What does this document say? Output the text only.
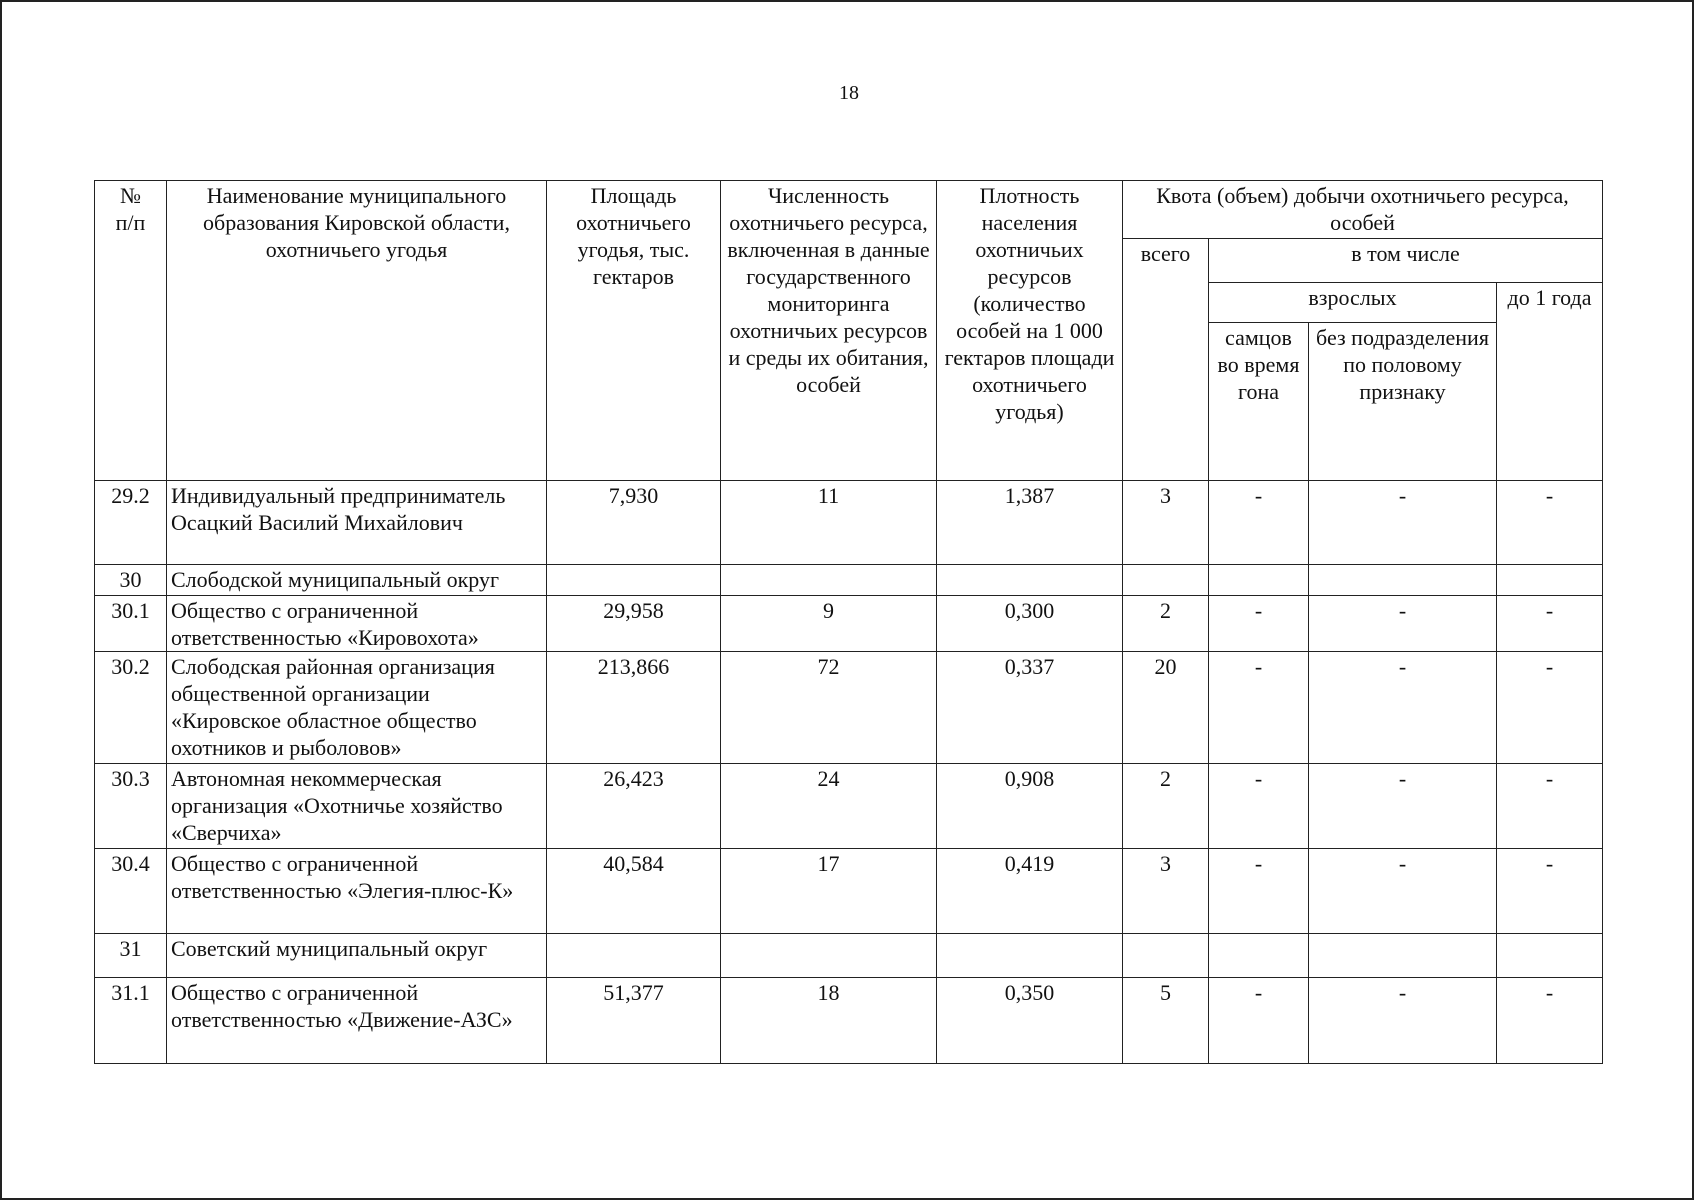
18
№
п/п	Наименование муниципального образования Кировской области, охотничьего угодья	Площадь охотничьего угодья, тыс. гектаров	Численность охотничьего ресурса, включенная в данные государственного мониторинга охотничьих ресурсов и среды их обитания, особей	Плотность населения охотничьих ресурсов (количество особей на 1 000 гектаров площади охотничьего угодья)	Квота (объем) добычи охотничьего ресурса, особей			
					всего	в том числе		
						взрослых		до 1 года
						самцов во время гона	без подразделения по половому признаку	
29.2	Индивидуальный предприниматель Осацкий Василий Михайлович	7,930	11	1,387	3	-	-	-
30	Слободской муниципальный округ							
30.1	Общество с ограниченной ответственностью «Кировохота»	29,958	9	0,300	2	-	-	-
30.2	Слободская районная организация общественной организации «Кировское областное общество охотников и рыболовов»	213,866	72	0,337	20	-	-	-
30.3	Автономная некоммерческая организация «Охотничье хозяйство «Сверчиха»	26,423	24	0,908	2	-	-	-
30.4	Общество с ограниченной ответственностью «Элегия-плюс-К»	40,584	17	0,419	3	-	-	-
31	Советский муниципальный округ							
31.1	Общество с ограниченной ответственностью «Движение-АЗС»	51,377	18	0,350	5	-	-	-
